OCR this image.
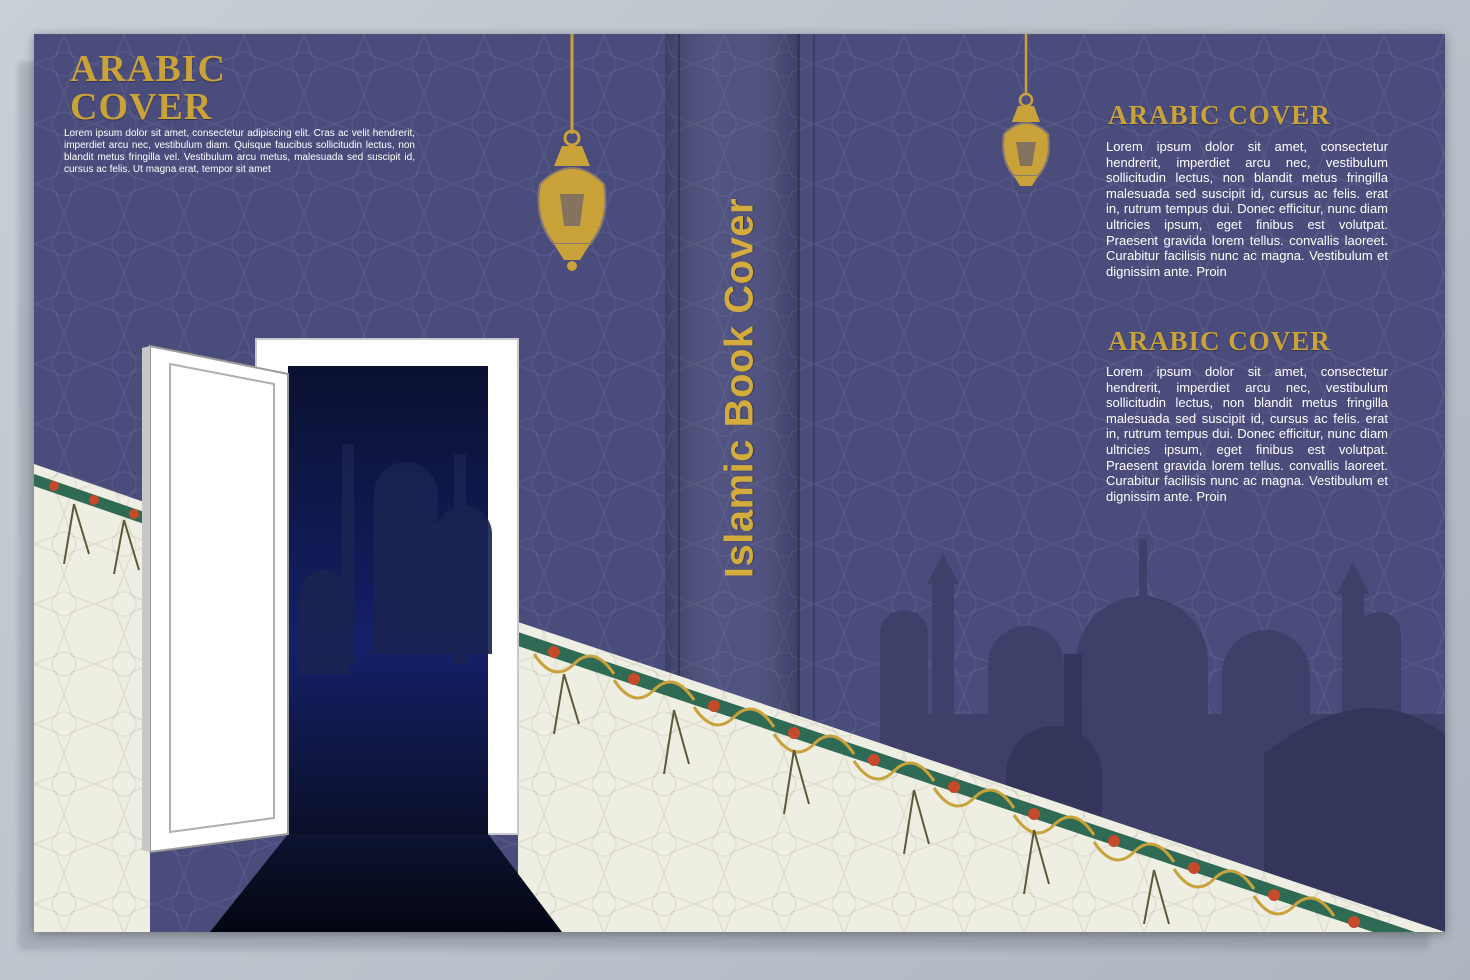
ARABIC COVER

Lorem ipsum dolor sit amet, consectetur adipiscing elit. Cras ac velit hendrerit, imperdiet arcu nec, vestibulum diam. Quisque faucibus sollicitudin lectus, non blandit metus fringilla vel. Vestibulum arcu metus, malesuada sed suscipit id, cursus ac felis. Ut magna erat, tempor sit amet

Islamic Book Cover
ARABIC COVER

Lorem ipsum dolor sit amet, consectetur hendrerit, imperdiet arcu nec, vestibulum sollicitudin lectus, non blandit metus fringilla malesuada sed suscipit id, cursus ac felis. erat in, rutrum tempus dui. Donec efficitur, nunc diam ultricies ipsum, eget finibus est volutpat. Praesent gravida lorem tellus. convallis laoreet. Curabitur facilisis nunc ac magna. Vestibulum et dignissim ante. Proin

ARABIC COVER

Lorem ipsum dolor sit amet, consectetur hendrerit, imperdiet arcu nec, vestibulum sollicitudin lectus, non blandit metus fringilla malesuada sed suscipit id, cursus ac felis. erat in, rutrum tempus dui. Donec efficitur, nunc diam ultricies ipsum, eget finibus est volutpat. Praesent gravida lorem tellus. convallis laoreet. Curabitur facilisis nunc ac magna. Vestibulum et dignissim ante. Proin
